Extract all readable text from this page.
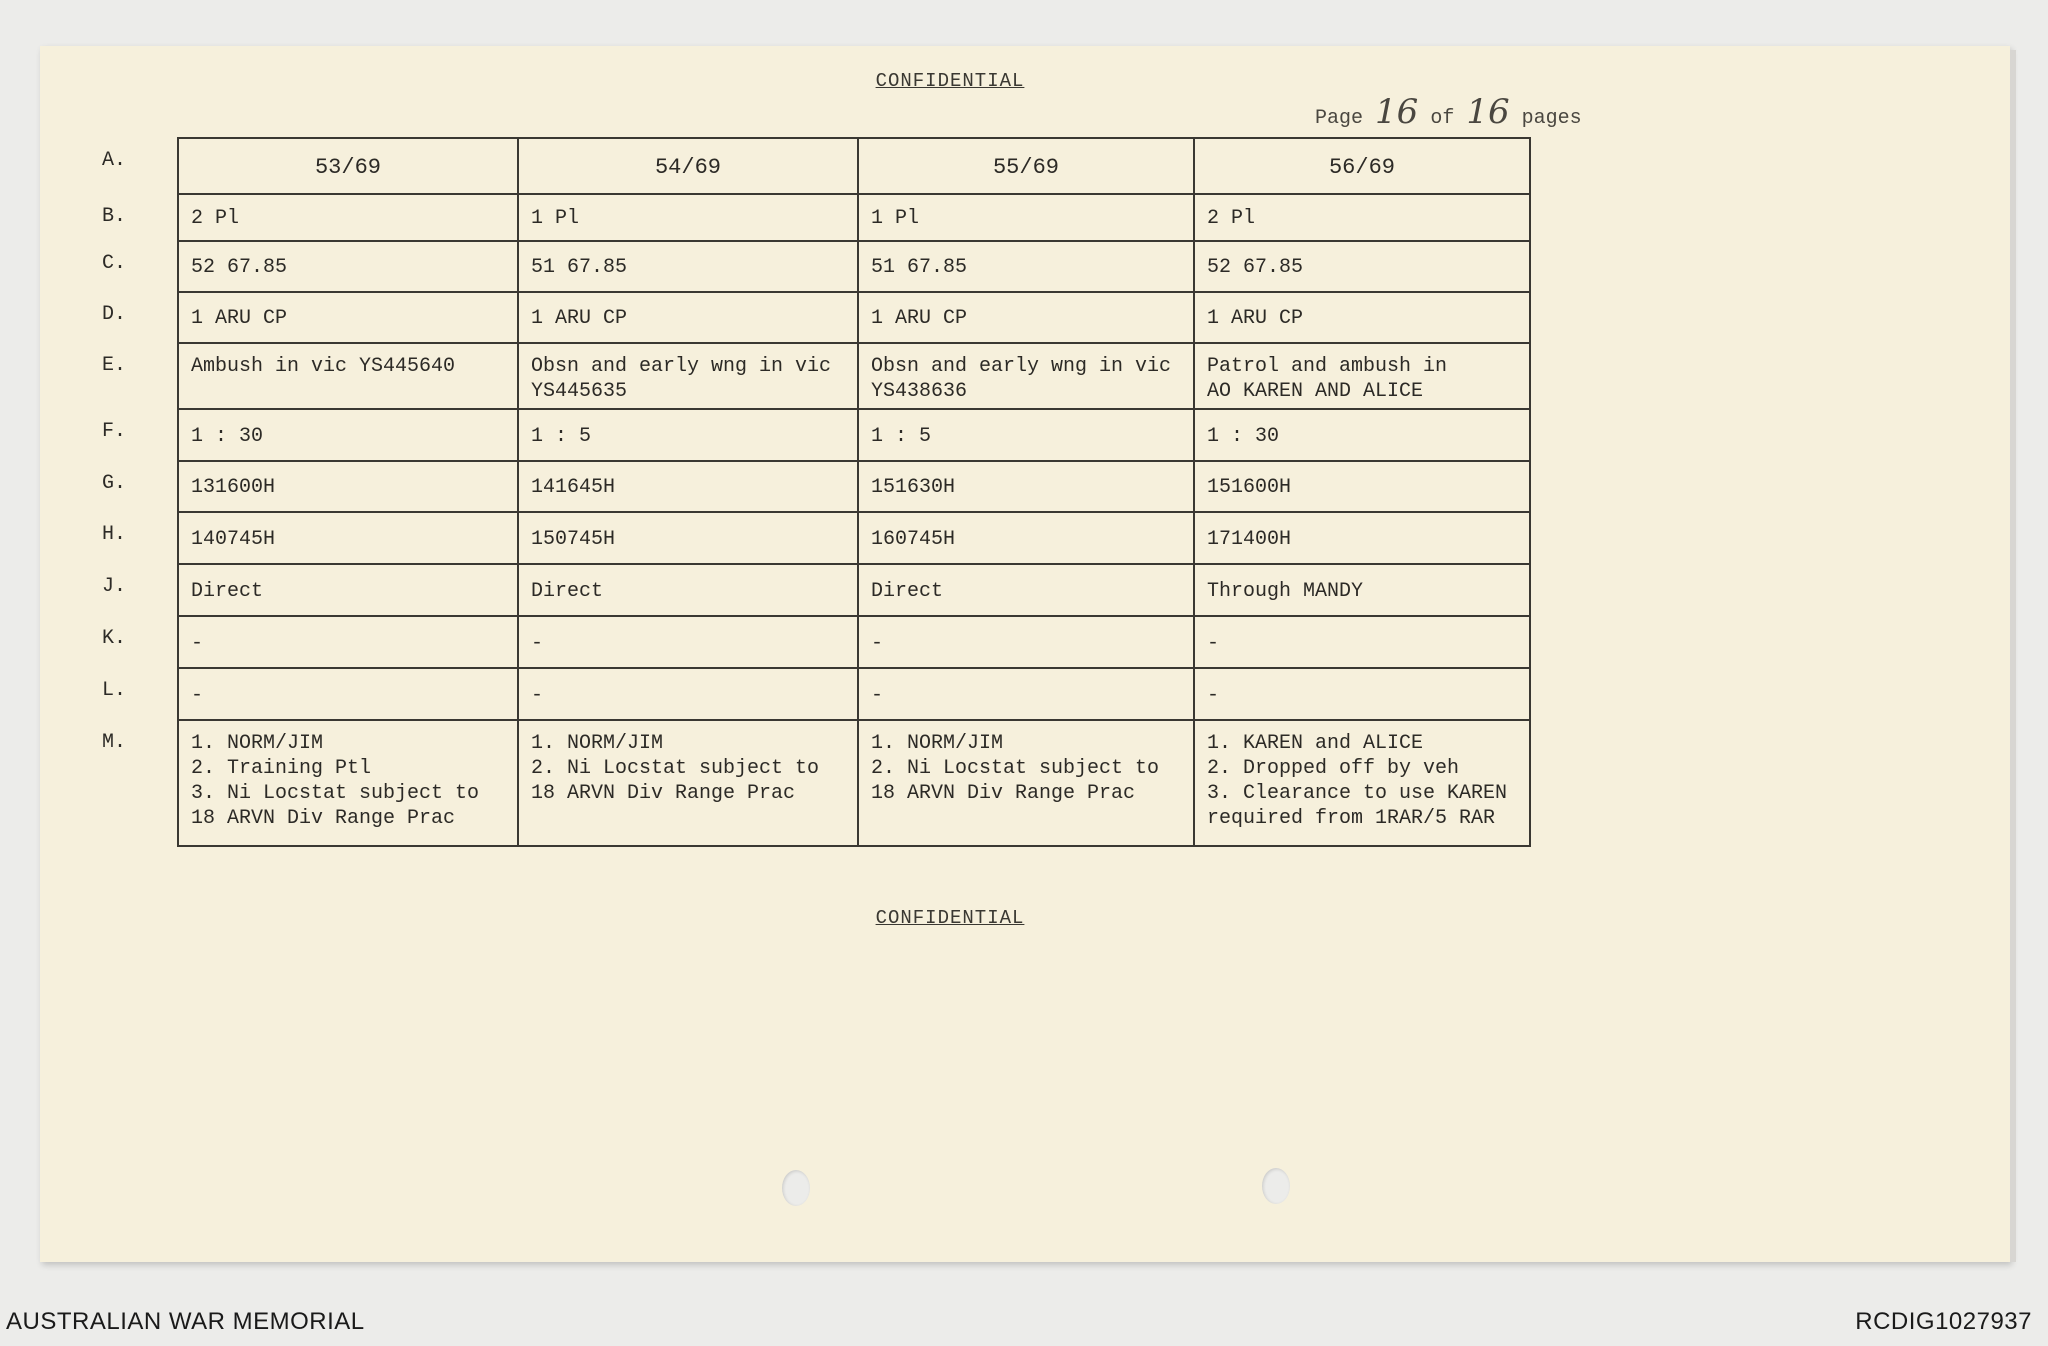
CONFIDENTIAL
Page 16 of 16 pages
A.	53/69	54/69	55/69	56/69
B.	2 Pl	1 Pl	1 Pl	2 Pl
C.	52 67.85	51 67.85	51 67.85	52 67.85
D.	1 ARU CP	1 ARU CP	1 ARU CP	1 ARU CP
E.	Ambush in vic YS445640	Obsn and early wng in vic
YS445635	Obsn and early wng in vic
YS438636	Patrol and ambush in
AO KAREN AND ALICE
F.	1 : 30	1 : 5	1 : 5	1 : 30
G.	131600H	141645H	151630H	151600H
H.	140745H	150745H	160745H	171400H
J.	Direct	Direct	Direct	Through MANDY
K.	-	-	-	-
L.	-	-	-	-
M.	1. NORM/JIM
2. Training Ptl
3. Ni Locstat subject to
18 ARVN Div Range Prac	1. NORM/JIM
2. Ni Locstat subject to
18 ARVN Div Range Prac	1. NORM/JIM
2. Ni Locstat subject to
18 ARVN Div Range Prac	1. KAREN and ALICE
2. Dropped off by veh
3. Clearance to use KAREN
required from 1RAR/5 RAR
CONFIDENTIAL
AUSTRALIAN WAR MEMORIAL	RCDIG1027937
